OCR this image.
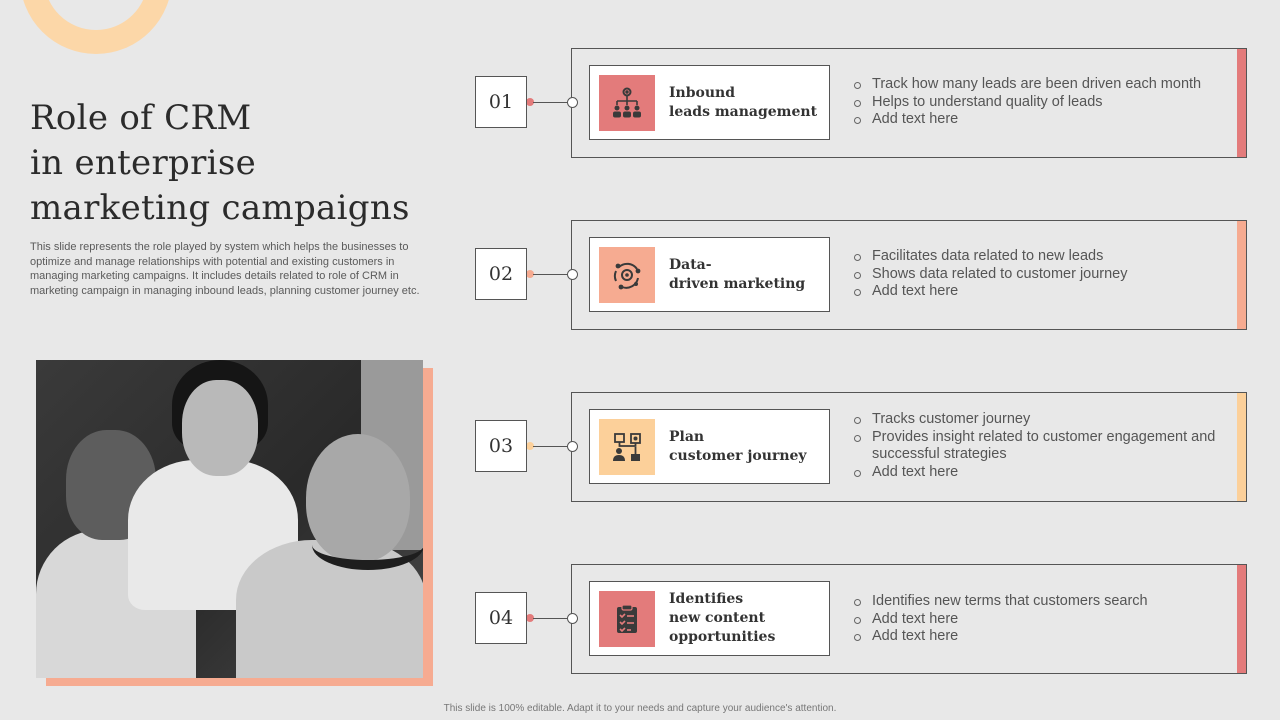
Role of CRM
in enterprise
marketing campaigns

This slide represents the role played by system which helps the businesses to optimize and manage relationships with potential and existing customers in managing marketing campaigns. It includes details related to role of CRM in marketing campaign in managing inbound leads, planning customer journey etc.

01	Inbound
leads management
Track how many leads are been driven each month
Helps to understand quality of leads
Add text here
02	Data-
driven marketing
Facilitates data related to new leads
Shows data related to customer journey
Add text here
03	Plan
customer journey
Tracks customer journey
Provides insight related to customer engagement and successful strategies
Add text here
04
Identifies
new content
opportunities
Identifies new terms that customers search
Add text here
Add text here
This slide is 100% editable. Adapt it to your needs and capture your audience's attention.
